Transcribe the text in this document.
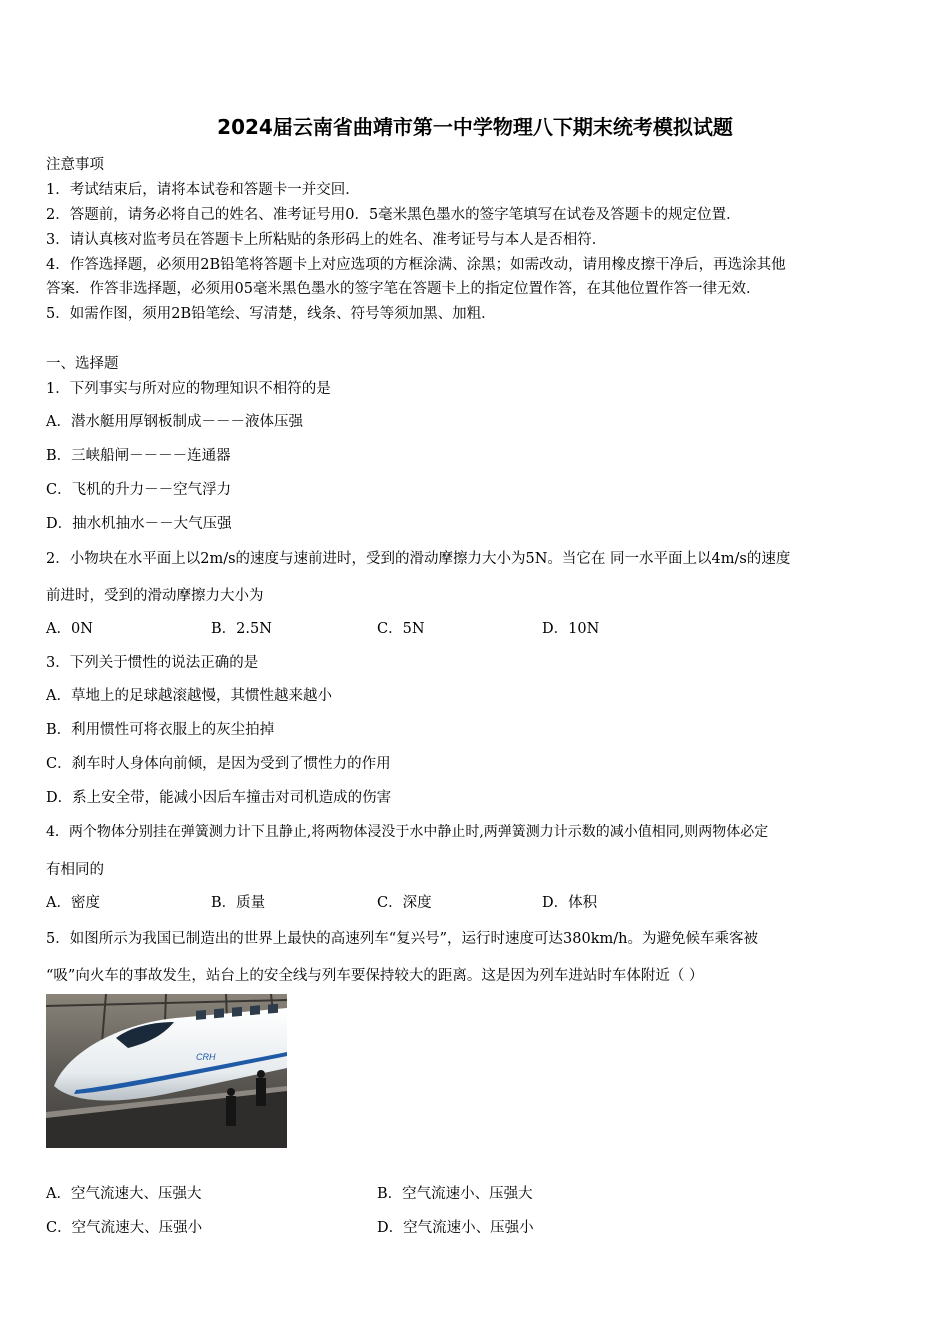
2024届云南省曲靖市第一中学物理八下期末统考模拟试题
注意事项
1．考试结束后，请将本试卷和答题卡一并交回．
2．答题前，请务必将自己的姓名、准考证号用0．5毫米黑色墨水的签字笔填写在试卷及答题卡的规定位置．
3．请认真核对监考员在答题卡上所粘贴的条形码上的姓名、准考证号与本人是否相符．
4．作答选择题，必须用2B铅笔将答题卡上对应选项的方框涂满、涂黑；如需改动，请用橡皮擦干净后，再选涂其他
答案．作答非选择题，必须用05毫米黑色墨水的签字笔在答题卡上的指定位置作答，在其他位置作答一律无效．
5．如需作图，须用2B铅笔绘、写清楚，线条、符号等须加黑、加粗．
一、选择题
1．下列事实与所对应的物理知识不相符的是
A．潜水艇用厚钢板制成－－－液体压强
B．三峡船闸－－－－连通器
C．飞机的升力－－空气浮力
D．抽水机抽水－－大气压强
2．小物块在水平面上以2m/s的速度与速前进时，受到的滑动摩擦力大小为5N。当它在 同一水平面上以4m/s的速度
前进时，受到的滑动摩擦力大小为
A．0N	B．2.5N	C．5N	D．10N
3．下列关于惯性的说法正确的是
A．草地上的足球越滚越慢，其惯性越来越小
B．利用惯性可将衣服上的灰尘拍掉
C．刹车时人身体向前倾，是因为受到了惯性力的作用
D．系上安全带，能减小因后车撞击对司机造成的伤害
4．两个物体分别挂在弹簧测力计下且静止,将两物体浸没于水中静止时,两弹簧测力计示数的减小值相同,则两物体必定
有相同的
A．密度	B．质量	C．深度	D．体积
5．如图所示为我国已制造出的世界上最快的高速列车“复兴号”，运行时速度可达380km/h。为避免候车乘客被
“吸”向火车的事故发生，站台上的安全线与列车要保持较大的距离。这是因为列车进站时车体附近（ ）
CRH
A．空气流速大、压强大	B．空气流速小、压强大
C．空气流速大、压强小	D．空气流速小、压强小
